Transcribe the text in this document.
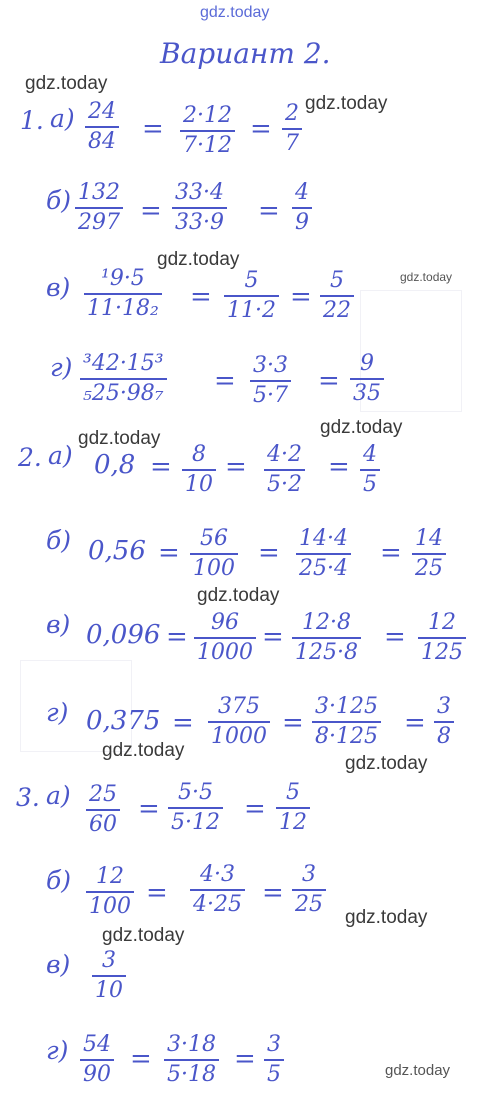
gdz.today
Вариант 2.
gdz.today
gdz.today
gdz.today
gdz.today
gdz.today
gdz.today
gdz.today
gdz.today
gdz.today
gdz.today
gdz.today
gdz.today
1. а) 24
84 = 2·12
7·12
=
2
7
б) 132
297 =
33·4
33·9 =
4
9
в) ¹9·5
11·18₂ =
5
11·2 =
5
22
г) ³42·15³
₅25·98₇ =
3·3
5·7 =
9
35
2. а) 0,8 = 8
10
= 4·2
5·2
= 4
5
б) 0,56 = 56
100
= 14·4
25·4
= 14
25
в) 0,096 = 96
1000
= 12·8
125·8
= 12
125
г) 0,375 =
375
1000 =
3·125
8·125 =
3
8
3. а) 25
60
=
5·5
5·12 =
5
12
б) 12
100 =
4·3
4·25 =
3
25
в) 3
10
г) 54
90
= 3·18
5·18
= 3
5
